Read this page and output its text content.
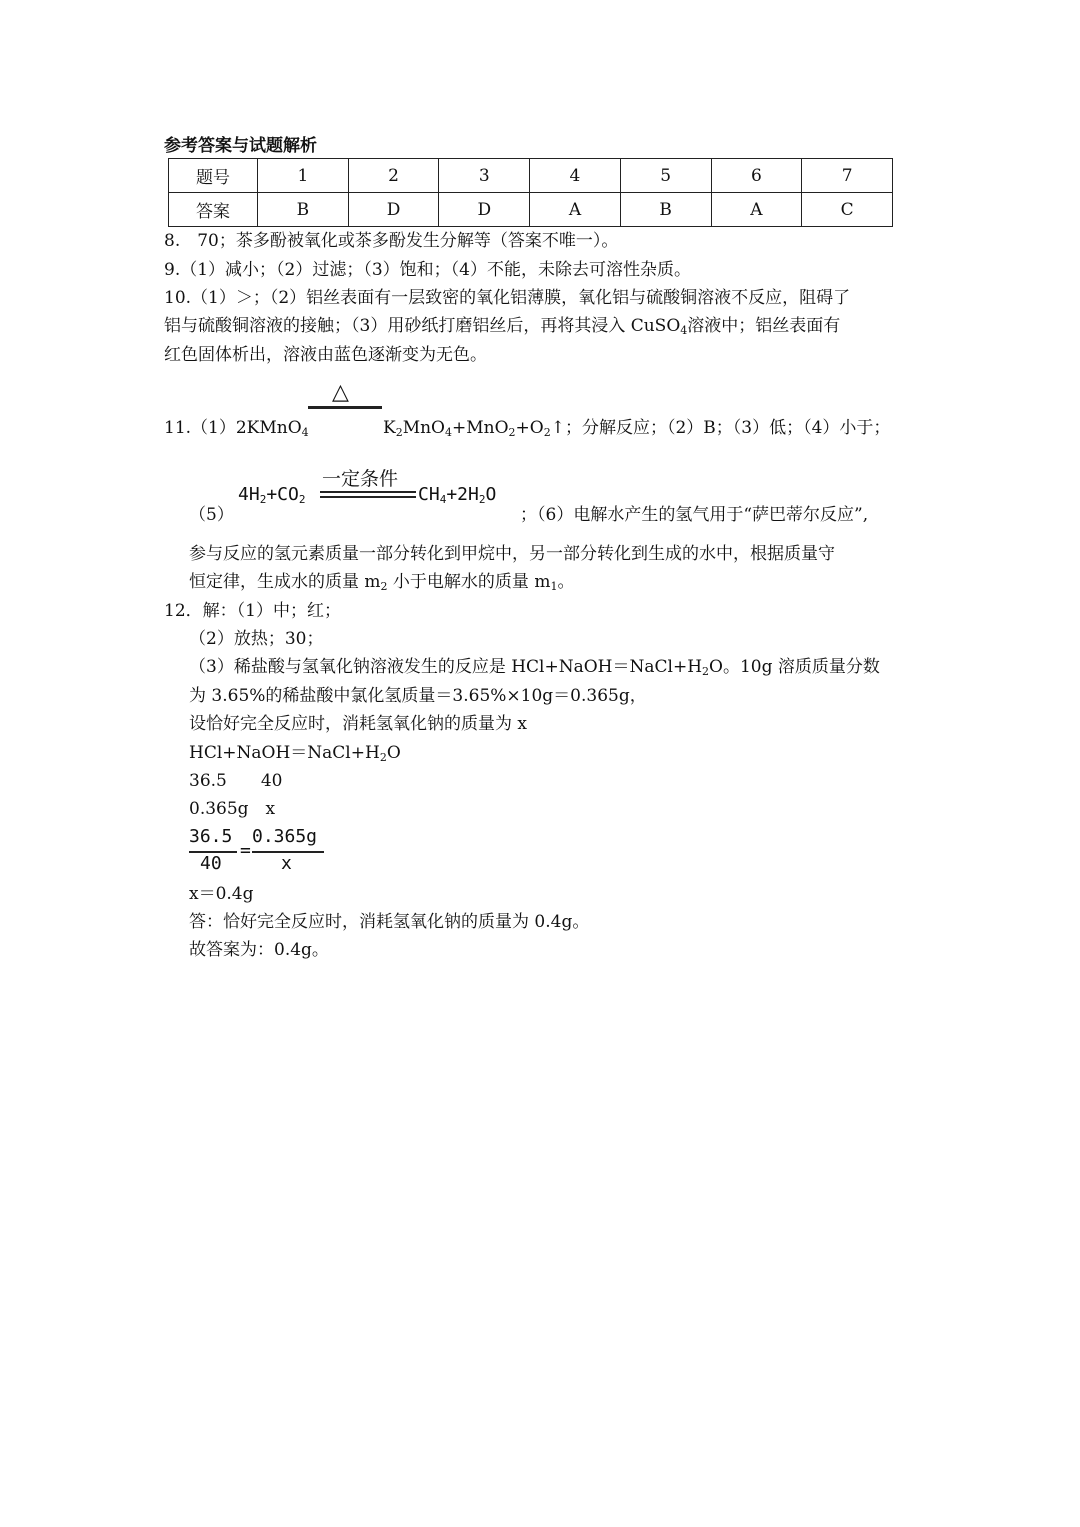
参考答案与试题解析
题号	1	2	3	4	5	6	7
答案	B	D	D	A	B	A	C
8.　70；茶多酚被氧化或茶多酚发生分解等（答案不唯一）。
9.（1）减小；（2）过滤；（3）饱和；（4）不能，未除去可溶性杂质。
10.（1）＞；（2）铝丝表面有一层致密的氧化铝薄膜，氧化铝与硫酸铜溶液不反应，阻碍了
铝与硫酸铜溶液的接触；（3）用砂纸打磨铝丝后，再将其浸入 CuSO$_4$溶液中；铝丝表面有
红色固体析出，溶液由蓝色逐渐变为无色。
△
11.（1）2KMnO$_4$	$K_2MnO_4+MnO_2+O_2↑$；分解反应；（2）B；（3）低；（4）小于；
一定条件
$4H_2+CO_2$	$CH_4+2H_2O$
（5）	；（6）电解水产生的氢气用于“萨巴蒂尔反应”,
参与反应的氢元素质量一部分转化到甲烷中，另一部分转化到生成的水中，根据质量守
恒定律，生成水的质量 $m_2$ 小于电解水的质量 $m_1$。
12．解：（1）中；红；
（2）放热；30；
（3）稀盐酸与氢氧化钠溶液发生的反应是 $HCl+NaOH=NaCl+H_2O$。10g 溶质质量分数
为 3.65%的稀盐酸中氯化氢质量＝3.65%×10g＝0.365g，
设恰好完全反应时，消耗氢氧化钠的质量为 x
$HCl+NaOH=NaCl+H_2O$
36.5　　40
0.365g　x
36.5
40
=
0.365g
x
x＝0.4g
答：恰好完全反应时，消耗氢氧化钠的质量为 0.4g。
故答案为：0.4g。
